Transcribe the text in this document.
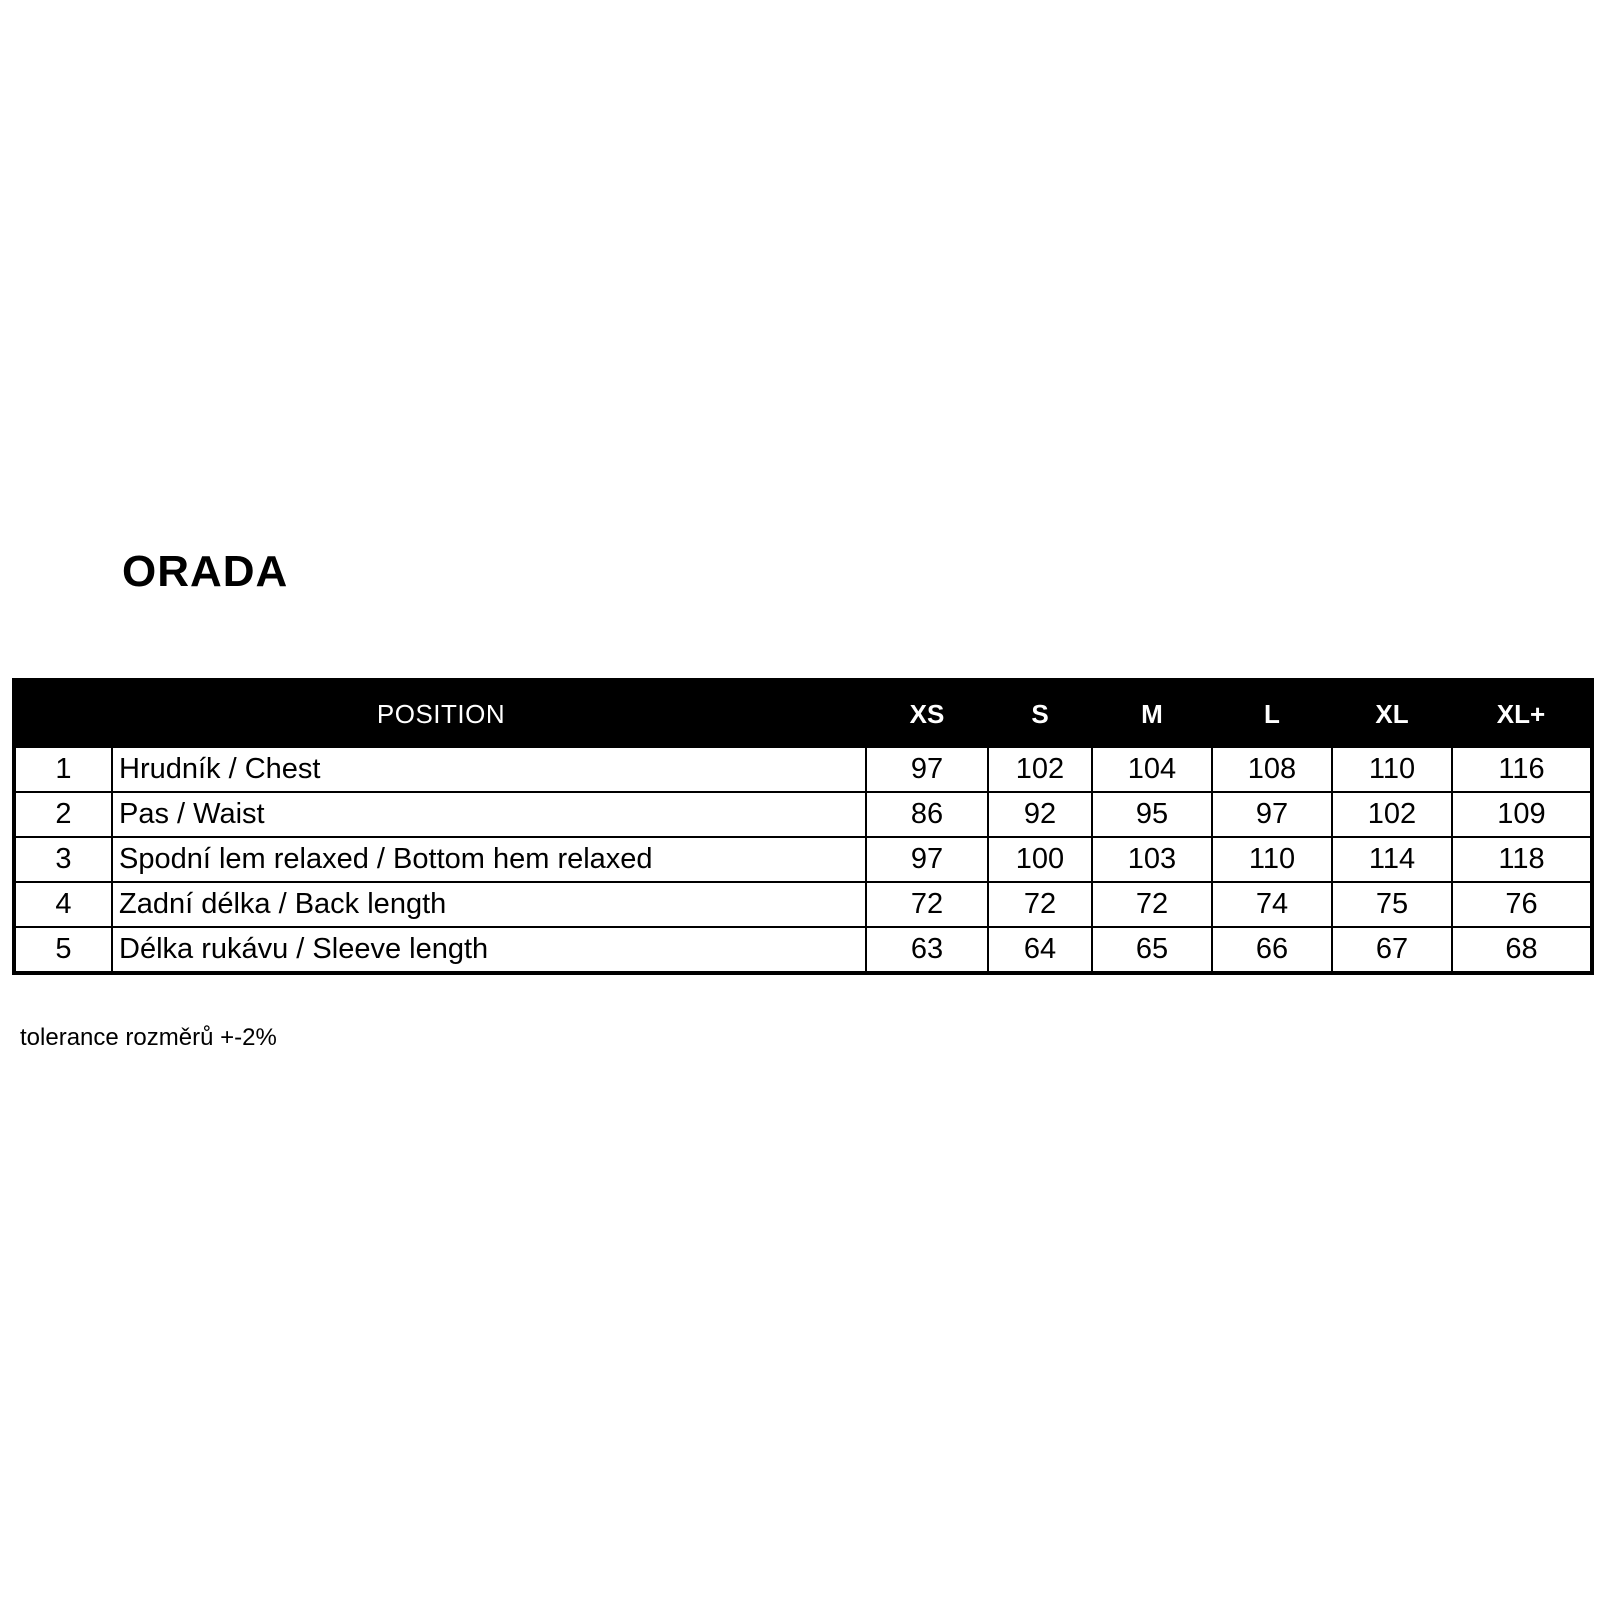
ORADA
POSITION		XS	S	M	L	XL	XL+
1	Hrudník / Chest	97	102	104	108	110	116
2	Pas / Waist	86	92	95	97	102	109
3	Spodní lem relaxed / Bottom hem relaxed	97	100	103	110	114	118
4	Zadní délka / Back length	72	72	72	74	75	76
5	Délka rukávu / Sleeve length	63	64	65	66	67	68

tolerance rozměrů +-2%
